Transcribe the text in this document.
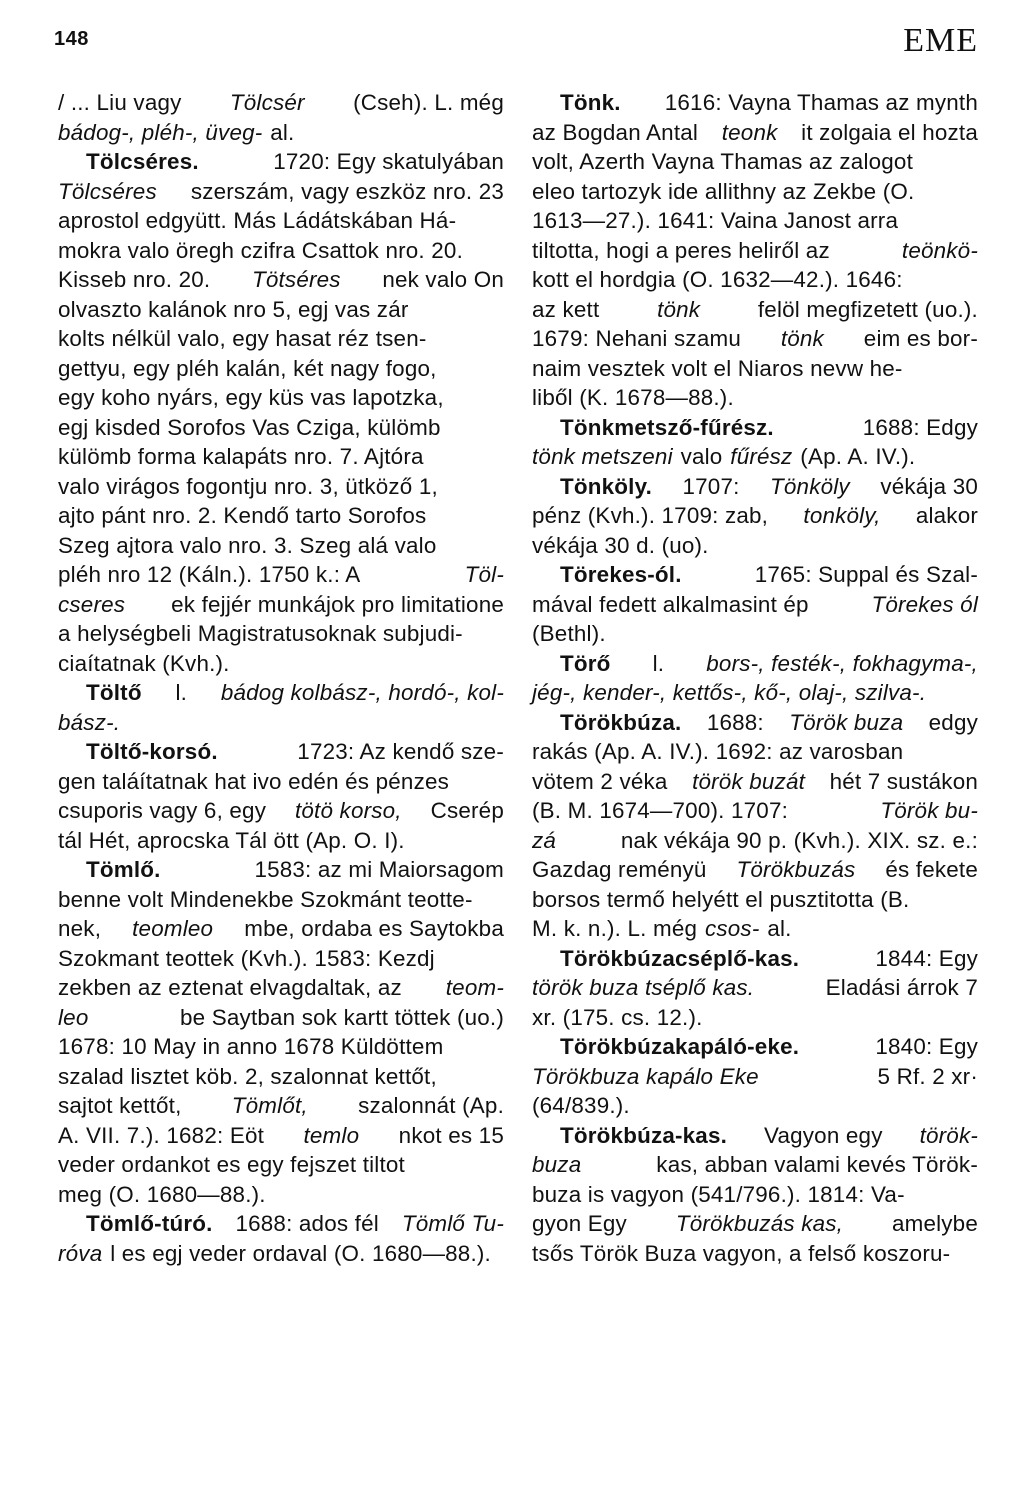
148	EME
/ ... Liu vagy Tölcsér (Cseh). L. még
bádog-, pléh-, üveg- al.
Tölcséres.	1720: Egy skatulyában
Tölcséres szerszám, vagy eszköz nro. 23
aprostol edgyütt. Más Ládátskában Há-
mokra valo öregh czifra Csattok nro. 20.
Kisseb nro. 20. Tötséres nek valo On
olvaszto kalánok nro 5, egj vas zár
kolts nélkül valo, egy hasat réz tsen-
gettyu, egy pléh kalán, két nagy fogo,
egy koho nyárs, egy küs vas lapotzka,
egj kisded Sorofos Vas Cziga, külömb
külömb forma kalapáts nro. 7. Ajtóra
valo virágos fogontju nro. 3, ütköző 1,
ajto pánt nro. 2. Kendő tarto Sorofos
Szeg ajtora valo nro. 3. Szeg alá valo
pléh nro 12 (Káln.). 1750 k.: A	Töl-
cseres ek fejjér munkájok pro limitatione
a helységbeli Magistratusoknak subjudi-
ciaítatnak (Kvh.).
Töltő l. bádog kolbász-, hordó-, kol-
bász-.
Töltő-korsó.	1723: Az kendő sze-
gen taláítatnak hat ivo edén és pénzes
csuporis vagy 6, egy tötö korso, Cserép
tál Hét, aprocska Tál ött (Ap. O. I).
Tömlő.	1583: az mi Maiorsagom
benne volt Mindenekbe Szokmánt teotte-
nek, teomleo mbe, ordaba es Saytokba
Szokmant teottek (Kvh.). 1583: Kezdj
zekben az eztenat elvagdaltak, az teom-
leo	be Saytban sok kartt töttek (uo.)
1678: 10 May in anno 1678 Küldöttem
szalad lisztet köb. 2, szalonnat kettőt,
sajtot kettőt, Tömlőt, szalonnát (Ap.
A. VII. 7.). 1682: Eöt temlo nkot es 15
veder ordankot es egy fejszet tiltot
meg (O. 1680—88.).
Tömlő-túró. 1688: ados fél Tömlő Tu-
róva l es egj veder ordaval (O. 1680—88.).
Tönk. 1616: Vayna Thamas az mynth
az Bogdan Antal teonk it zolgaia el hozta
volt, Azerth Vayna Thamas az zalogot
eleo tartozyk ide allithny az Zekbe (O.
1613—27.). 1641: Vaina Janost arra
tiltotta, hogi a peres heliről az	teönkö-
kott el hordgia (O. 1632—42.). 1646:
az kett	tönk	felöl megfizetett (uo.).
1679: Nehani szamu tönk eim es bor-
naim vesztek volt el Niaros nevw he-
liből (K. 1678—88.).
Tönkmetsző-fűrész.	1688: Edgy
tönk metszeni valo fűrész (Ap. A. IV.).
Tönköly. 1707: Tönköly vékája 30
pénz (Kvh.). 1709: zab, tonköly, alakor
vékája 30 d. (uo).
Törekes-ól.	1765: Suppal és Szal-
mával fedett alkalmasint ép	Törekes ól
(Bethl).
Törő l. bors-, festék-, fokhagyma-,
jég-, kender-, kettős-, kő-, olaj-, szilva-.
Törökbúza. 1688: Török buza edgy
rakás (Ap. A. IV.). 1692: az varosban
vötem 2 véka török buzát hét 7 sustákon
(B. M. 1674—700). 1707:	Török bu-
zá	nak vékája 90 p. (Kvh.). XIX. sz. e.:
Gazdag reményü Törökbuzás és fekete
borsos termő helyétt el pusztitotta (B.
M. k. n.). L. még csos- al.
Törökbúzacséplő-kas.	1844: Egy
török buza tséplő kas.	Eladási árrok 7
xr. (175. cs. 12.).
Törökbúzakapáló-eke.	1840: Egy
Törökbuza kapálo Eke	5 Rf. 2 xr·
(64/839.).
Törökbúza-kas. Vagyon egy török-
buza	kas, abban valami kevés Török-
buza is vagyon (541/796.). 1814: Va-
gyon Egy Törökbuzás kas, amelybe
tsős Török Buza vagyon, a felső koszoru-
